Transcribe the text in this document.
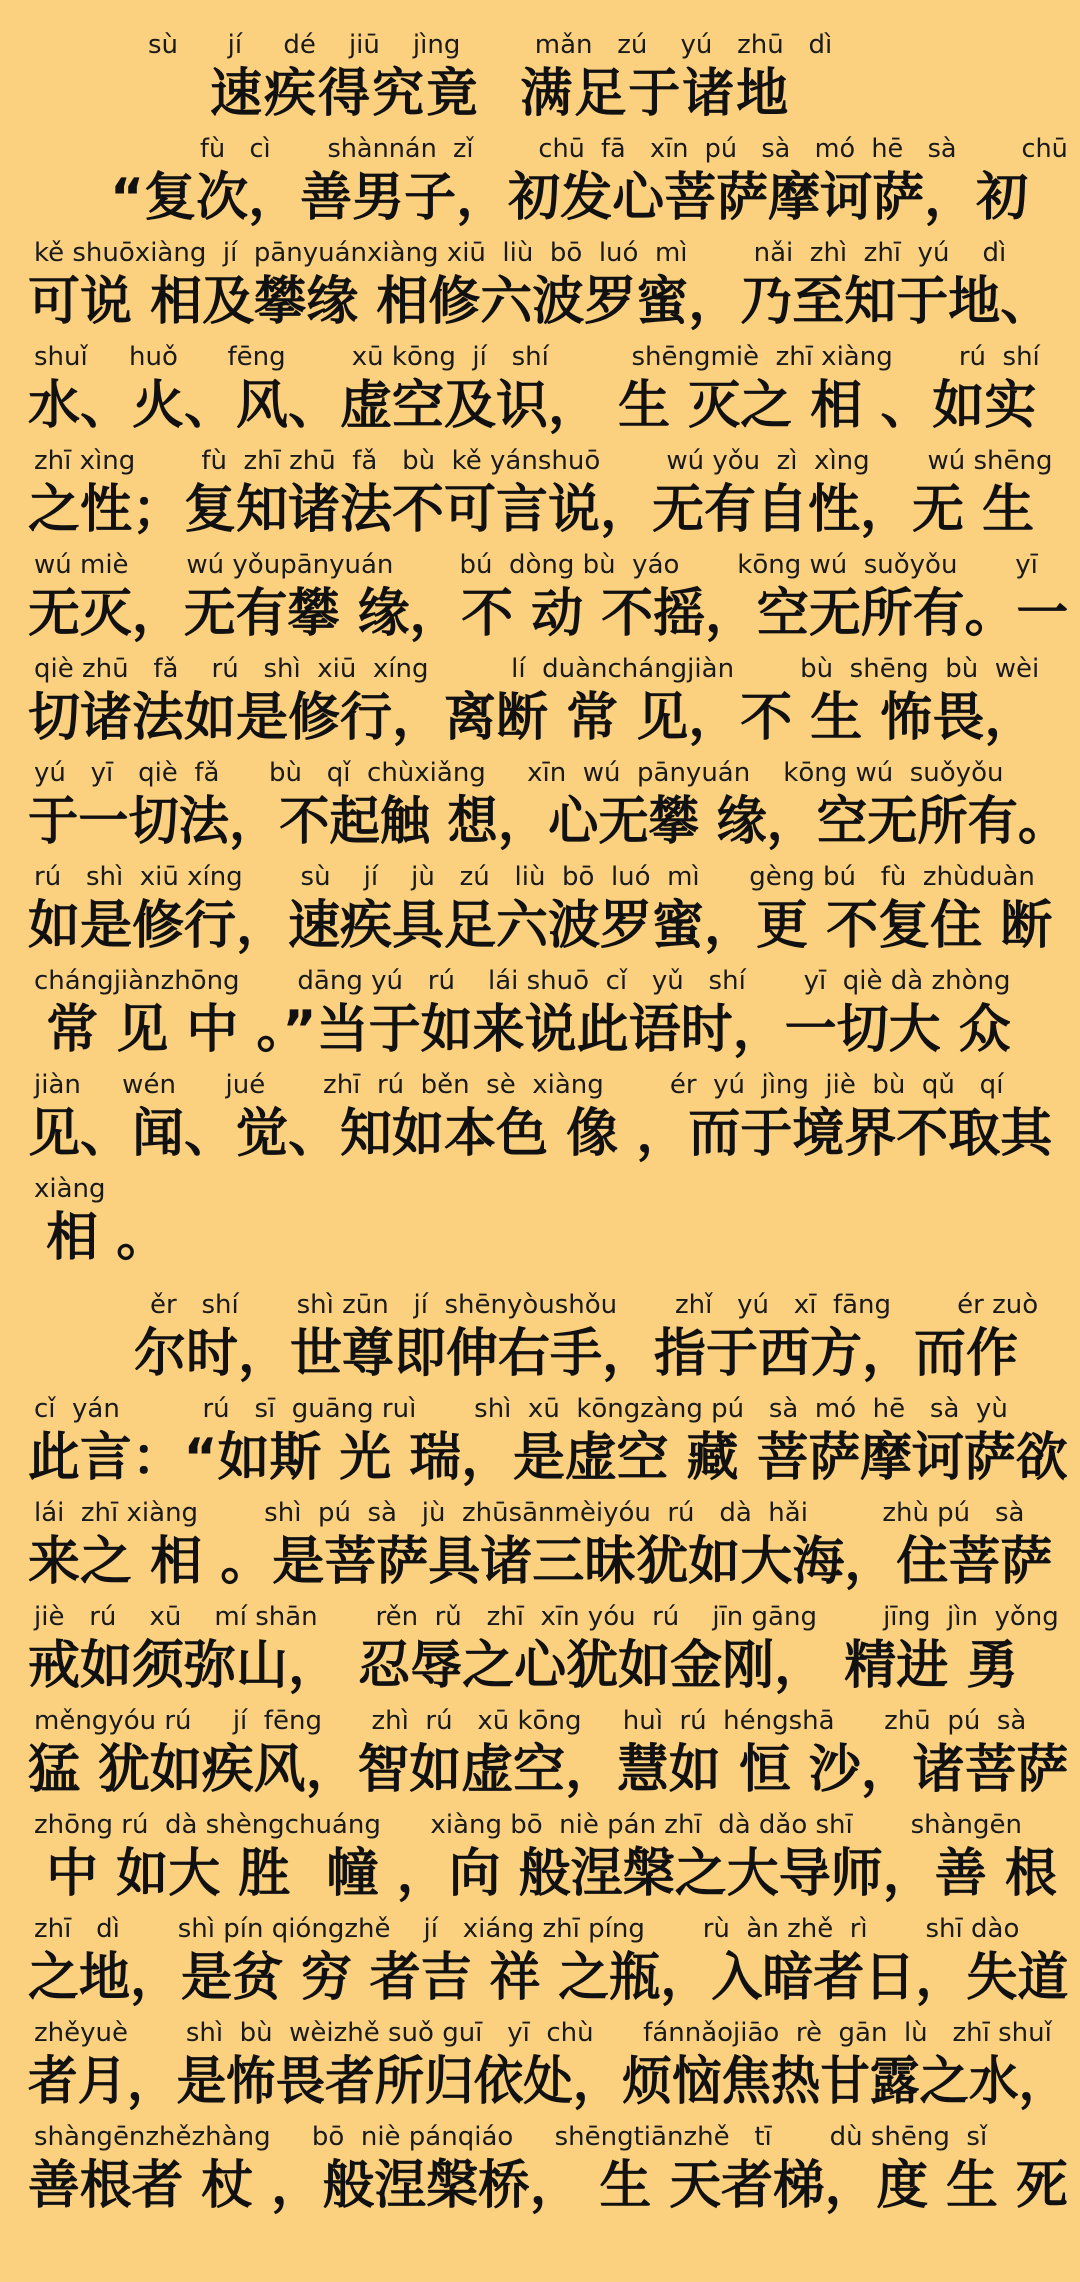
sù      jí     dé    jiū    jìng         mǎn   zú    yú   zhū   dì
速疾得究竟  满足于诸地
fù   cì       shànnán  zǐ        chū  fā   xīn  pú   sà   mó  hē   sà        chū
“复次，善男子，初发心菩萨摩诃萨，初
kě shuōxiàng  jí  pānyuánxiàng xiū  liù  bō  luó  mì        nǎi  zhì  zhī  yú    dì
可说 相及攀缘 相修六波罗蜜，乃至知于地、
shuǐ     huǒ      fēng        xū kōng  jí   shí          shēngmiè  zhī xiàng        rú  shí
水、火、风、虚空及识， 生 灭之 相 、如实
zhī xìng        fù  zhī zhū  fǎ   bù  kě yánshuō        wú yǒu  zì  xìng       wú shēng
之性；复知诸法不可言说，无有自性，无 生
wú miè       wú yǒupānyuán        bú  dòng bù  yáo       kōng wú  suǒyǒu       yī
无灭，无有攀 缘，不 动 不摇，空无所有。一
qiè zhū   fǎ    rú   shì  xiū  xíng          lí  duànchángjiàn        bù  shēng  bù  wèi
切诸法如是修行，离断 常 见，不 生 怖畏，
yú   yī   qiè  fǎ      bù   qǐ  chùxiǎng     xīn  wú  pānyuán    kōng wú  suǒyǒu
于一切法，不起触 想，心无攀 缘，空无所有。
rú   shì  xiū xíng       sù    jí    jù   zú   liù  bō  luó  mì      gèng bú   fù  zhùduàn
如是修行，速疾具足六波罗蜜，更 不复住 断
chángjiànzhōng       dāng yú   rú    lái shuō  cǐ   yǔ   shí       yī  qiè dà zhòng
常 见 中 。”当于如来说此语时，一切大 众
jiàn     wén      jué       zhī  rú  běn  sè  xiàng        ér  yú  jìng  jiè  bù  qǔ   qí
见、闻、觉、知如本色 像 ，而于境界不取其
xiàng
相 。
ěr   shí       shì zūn   jí  shēnyòushǒu       zhǐ   yú   xī  fāng        ér zuò
尔时，世尊即伸右手，指于西方，而作
cǐ  yán          rú   sī  guāng ruì       shì  xū  kōngzàng pú   sà  mó  hē   sà  yù
此言：“如斯 光 瑞，是虚空 藏 菩萨摩诃萨欲
lái  zhī xiàng        shì  pú  sà   jù  zhūsānmèiyóu  rú   dà  hǎi         zhù pú   sà
来之 相 。是菩萨具诸三昧犹如大海，住菩萨
jiè   rú    xū    mí shān       rěn  rǔ   zhī  xīn yóu  rú    jīn gāng        jīng  jìn  yǒng
戒如须弥山， 忍辱之心犹如金刚， 精进 勇
měngyóu rú     jí  fēng      zhì  rú   xū kōng     huì  rú  héngshā      zhū  pú  sà
猛 犹如疾风，智如虚空，慧如 恒 沙，诸菩萨
zhōng rú  dà shèngchuáng      xiàng bō  niè pán zhī  dà dǎo shī       shàngēn
中 如大 胜  幢 ，向 般涅槃之大导师，善 根
zhī   dì       shì pín qióngzhě    jí   xiáng zhī píng       rù  àn zhě  rì       shī dào
之地，是贫 穷 者吉 祥 之瓶，入暗者日，失道
zhěyuè       shì  bù  wèizhě suǒ guī   yī  chù      fánnǎojiāo  rè  gān  lù   zhī shuǐ
者月，是怖畏者所归依处，烦恼焦热甘露之水，
shàngēnzhězhàng     bō  niè pánqiáo     shēngtiānzhě   tī       dù shēng  sǐ
善根者 杖 ，般涅槃桥， 生 天者梯，度 生 死
